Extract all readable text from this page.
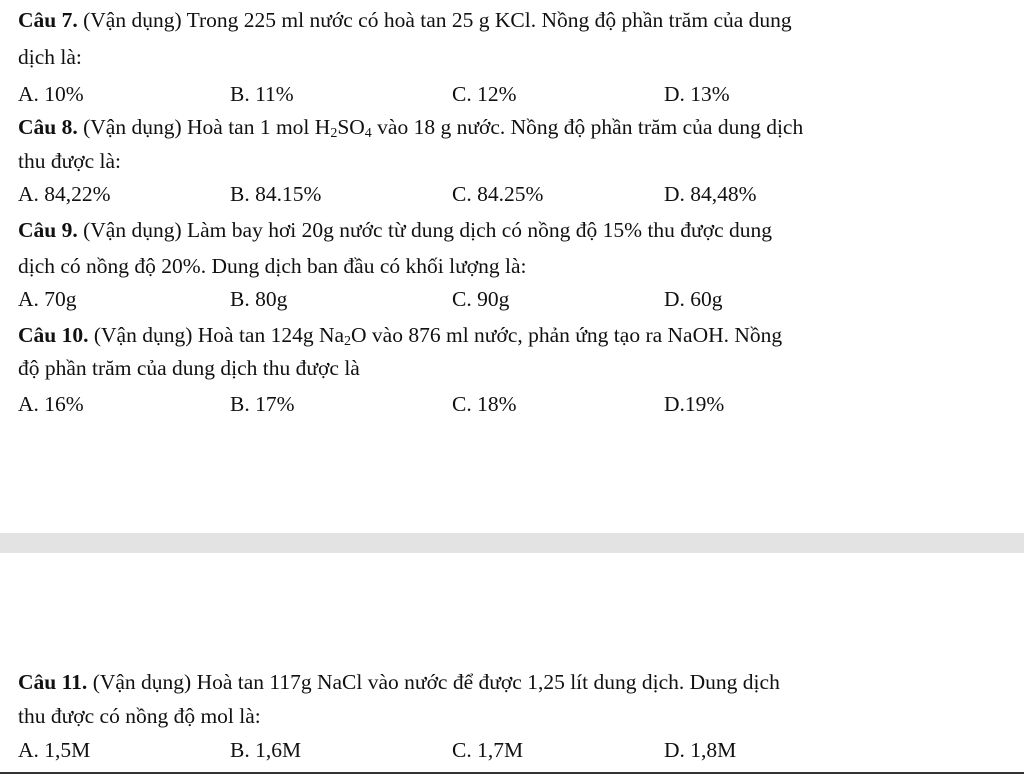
Câu 7. (Vận dụng) Trong 225 ml nước có hoà tan 25 g KCl. Nồng độ phần trăm của dung
dịch là:
A. 10%	B. 11%	C. 12%	D. 13%
Câu 8. (Vận dụng) Hoà tan 1 mol $H_2SO_4$ vào 18 g nước. Nồng độ phần trăm của dung dịch
thu được là:
A. 84,22%	B. 84.15%	C. 84.25%	D. 84,48%
Câu 9. (Vận dụng) Làm bay hơi 20g nước từ dung dịch có nồng độ 15% thu được dung
dịch có nồng độ 20%. Dung dịch ban đầu có khối lượng là:
A. 70g	B. 80g	C. 90g	D. 60g
Câu 10. (Vận dụng) Hoà tan 124g $Na_2O$ vào 876 ml nước, phản ứng tạo ra NaOH. Nồng
độ phần trăm của dung dịch thu được là
A. 16%	B. 17%	C. 18%	D.19%
Câu 11. (Vận dụng) Hoà tan 117g NaCl vào nước để được 1,25 lít dung dịch. Dung dịch
thu được có nồng độ mol là:
A. 1,5M	B. 1,6M	C. 1,7M	D. 1,8M
